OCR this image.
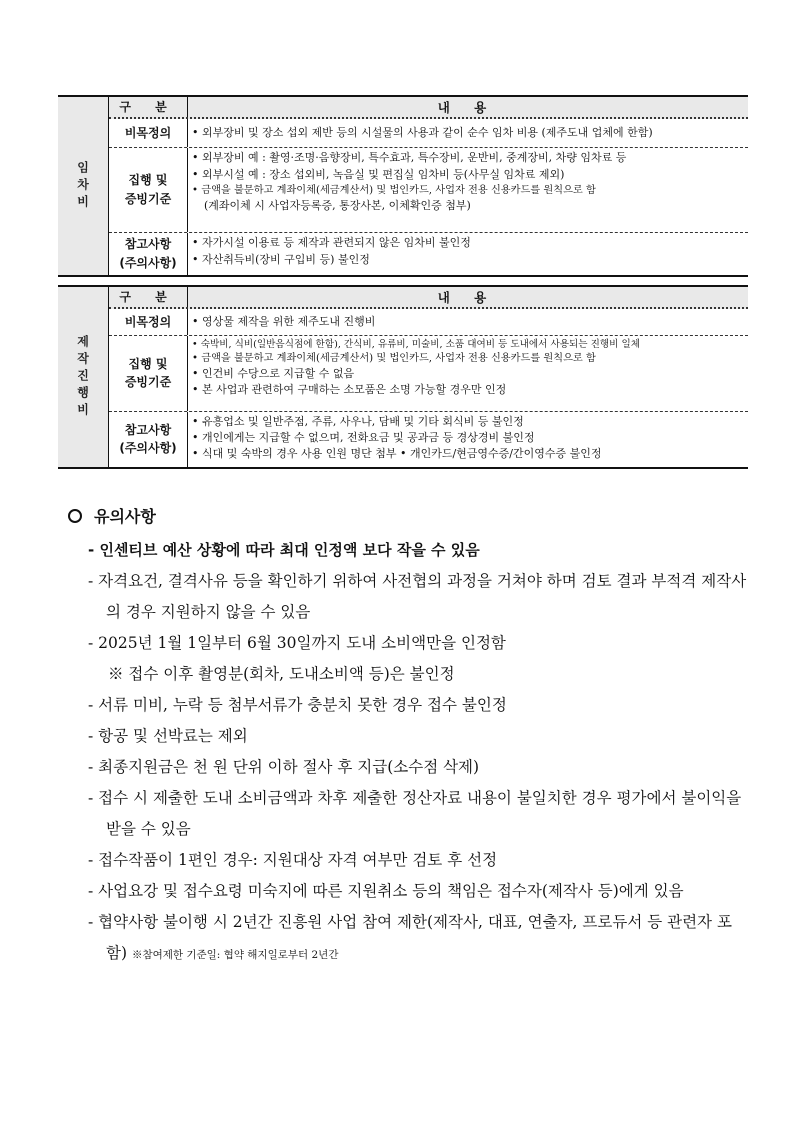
임차비
구 분	내 용
비목정의 • 외부장비 및 장소 섭외 제반 등의 시설물의 사용과 같이 순수 임차 비용 (제주도내 업체에 한함)
집행 및
증빙기준
• 외부장비 예 : 촬영·조명·음향장비, 특수효과, 특수장비, 운반비, 중계장비, 차량 임차료 등
• 외부시설 예 : 장소 섭외비, 녹음실 및 편집실 임차비 등(사무실 임차료 제외)
• 금액을 불문하고 계좌이체(세금계산서) 및 법인카드, 사업자 전용 신용카드를 원칙으로 함
(계좌이체 시 사업자등록증, 통장사본, 이체확인증 첨부)
참고사항
(주의사항)
• 자가시설 이용료 등 제작과 관련되지 않은 임차비 불인정
• 자산취득비(장비 구입비 등) 불인정
제작진행비
구 분	내 용
비목정의 • 영상물 제작을 위한 제주도내 진행비
집행 및
증빙기준
• 숙박비, 식비(일반음식점에 한함), 간식비, 유류비, 미술비, 소품 대여비 등 도내에서 사용되는 진행비 일체
• 금액을 불문하고 계좌이체(세금계산서) 및 법인카드, 사업자 전용 신용카드를 원칙으로 함
• 인건비 수당으로 지급할 수 없음
• 본 사업과 관련하여 구매하는 소모품은 소명 가능할 경우만 인정
참고사항
(주의사항)
• 유흥업소 및 일반주점, 주류, 사우나, 담배 및 기타 회식비 등 불인정
• 개인에게는 지급할 수 없으며, 전화요금 및 공과금 등 경상경비 불인정
• 식대 및 숙박의 경우 사용 인원 명단 첨부 • 개인카드/현금영수증/간이영수증 불인정
유의사항
- 인센티브 예산 상황에 따라 최대 인정액 보다 작을 수 있음
- 자격요건, 결격사유 등을 확인하기 위하여 사전협의 과정을 거쳐야 하며 검토 결과 부적격 제작사의 경우 지원하지 않을 수 있음
- 2025년 1월 1일부터 6월 30일까지 도내 소비액만을 인정함
※ 접수 이후 촬영분(회차, 도내소비액 등)은 불인정
- 서류 미비, 누락 등 첨부서류가 충분치 못한 경우 접수 불인정
- 항공 및 선박료는 제외
- 최종지원금은 천 원 단위 이하 절사 후 지급(소수점 삭제)
- 접수 시 제출한 도내 소비금액과 차후 제출한 정산자료 내용이 불일치한 경우 평가에서 불이익을 받을 수 있음
- 접수작품이 1편인 경우: 지원대상 자격 여부만 검토 후 선정
- 사업요강 및 접수요령 미숙지에 따른 지원취소 등의 책임은 접수자(제작사 등)에게 있음
- 협약사항 불이행 시 2년간 진흥원 사업 참여 제한(제작사, 대표, 연출자, 프로듀서 등 관련자 포함) ※참여제한 기준일: 협약 해지일로부터 2년간
